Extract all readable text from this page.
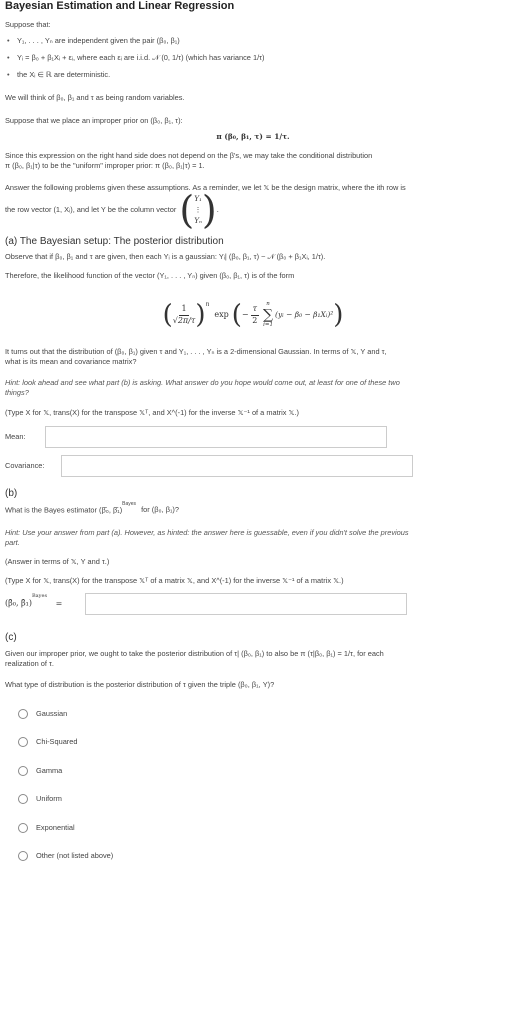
Bayesian Estimation and Linear Regression

Suppose that:

• Y₁, . . . , Yₙ are independent given the pair (β₀, β₁)

• Yᵢ = β₀ + β₁Xᵢ + εᵢ, where each εᵢ are i.i.d. 𝒩 (0, 1/τ) (which has variance 1/τ)

• the Xᵢ ∈ ℝ are deterministic.

We will think of β₀, β₁ and τ as being random variables.

Suppose that we place an improper prior on (β₀, β₁, τ):

π (β₀, β₁, τ) = 1/τ.

Since this expression on the right hand side does not depend on the β's, we may take the conditional distribution

π (β₀, β₁|τ) to be the "uniform" improper prior: π (β₀, β₁|τ) = 1.

Answer the following problems given these assumptions. As a reminder, we let 𝕏 be the design matrix, where the ith row is

the row vector (1, Xᵢ), and let Y be the column vector ( Y₁
⋮
Yₙ ) .
(a) The Bayesian setup: The posterior distribution

Observe that if β₀, β₁ and τ are given, then each Yᵢ is a gaussian: Yᵢ| (β₀, β₁, τ) ~ 𝒩 (β₀ + β₁Xᵢ, 1/τ).

Therefore, the likelihood function of the vector (Y₁, . . . , Yₙ) given (β₀, β₁, τ) is of the form

( $\frac{1}{√2\pi/\tau} )^n$
exp ( − $\frac{\tau}{2}$ n
∑
i=1
(yᵢ − β₀ − β₁Xᵢ)² )

It turns out that the distribution of (β₀, β₁) given τ and Y₁, . . . , Yₙ is a 2-dimensional Gaussian. In terms of 𝕏, Y and τ,

what is its mean and covariance matrix?

Hint: look ahead and see what part (b) is asking. What answer do you hope would come out, at least for one of these two

things?

(Type X for 𝕏, trans(X) for the transpose 𝕏ᵀ, and X^(-1) for the inverse 𝕏⁻¹ of a matrix 𝕏.)

Mean:
Covariance:
(b)

What is the Bayes estimator (β̂₀, β̂₁)$^{Bayes}$ for (β₀, β₁)?

Hint: Use your answer from part (a). However, as hinted: the answer here is guessable, even if you didn't solve the previous

part.

(Answer in terms of 𝕏, Y and τ.)

(Type X for 𝕏, trans(X) for the transpose 𝕏ᵀ of a matrix 𝕏, and X^(-1) for the inverse 𝕏⁻¹ of a matrix 𝕏.)

(β̂₀, β̂₁)$^{Bayes}$ =
(c)

Given our improper prior, we ought to take the posterior distribution of τ| (β₀, β₁) to also be π (τ|β₀, β₁) = 1/τ, for each

realization of τ.

What type of distribution is the posterior distribution of τ given the triple (β₀, β₁, Y)?

Gaussian
Chi-Squared
Gamma
Uniform
Exponential
Other (not listed above)
